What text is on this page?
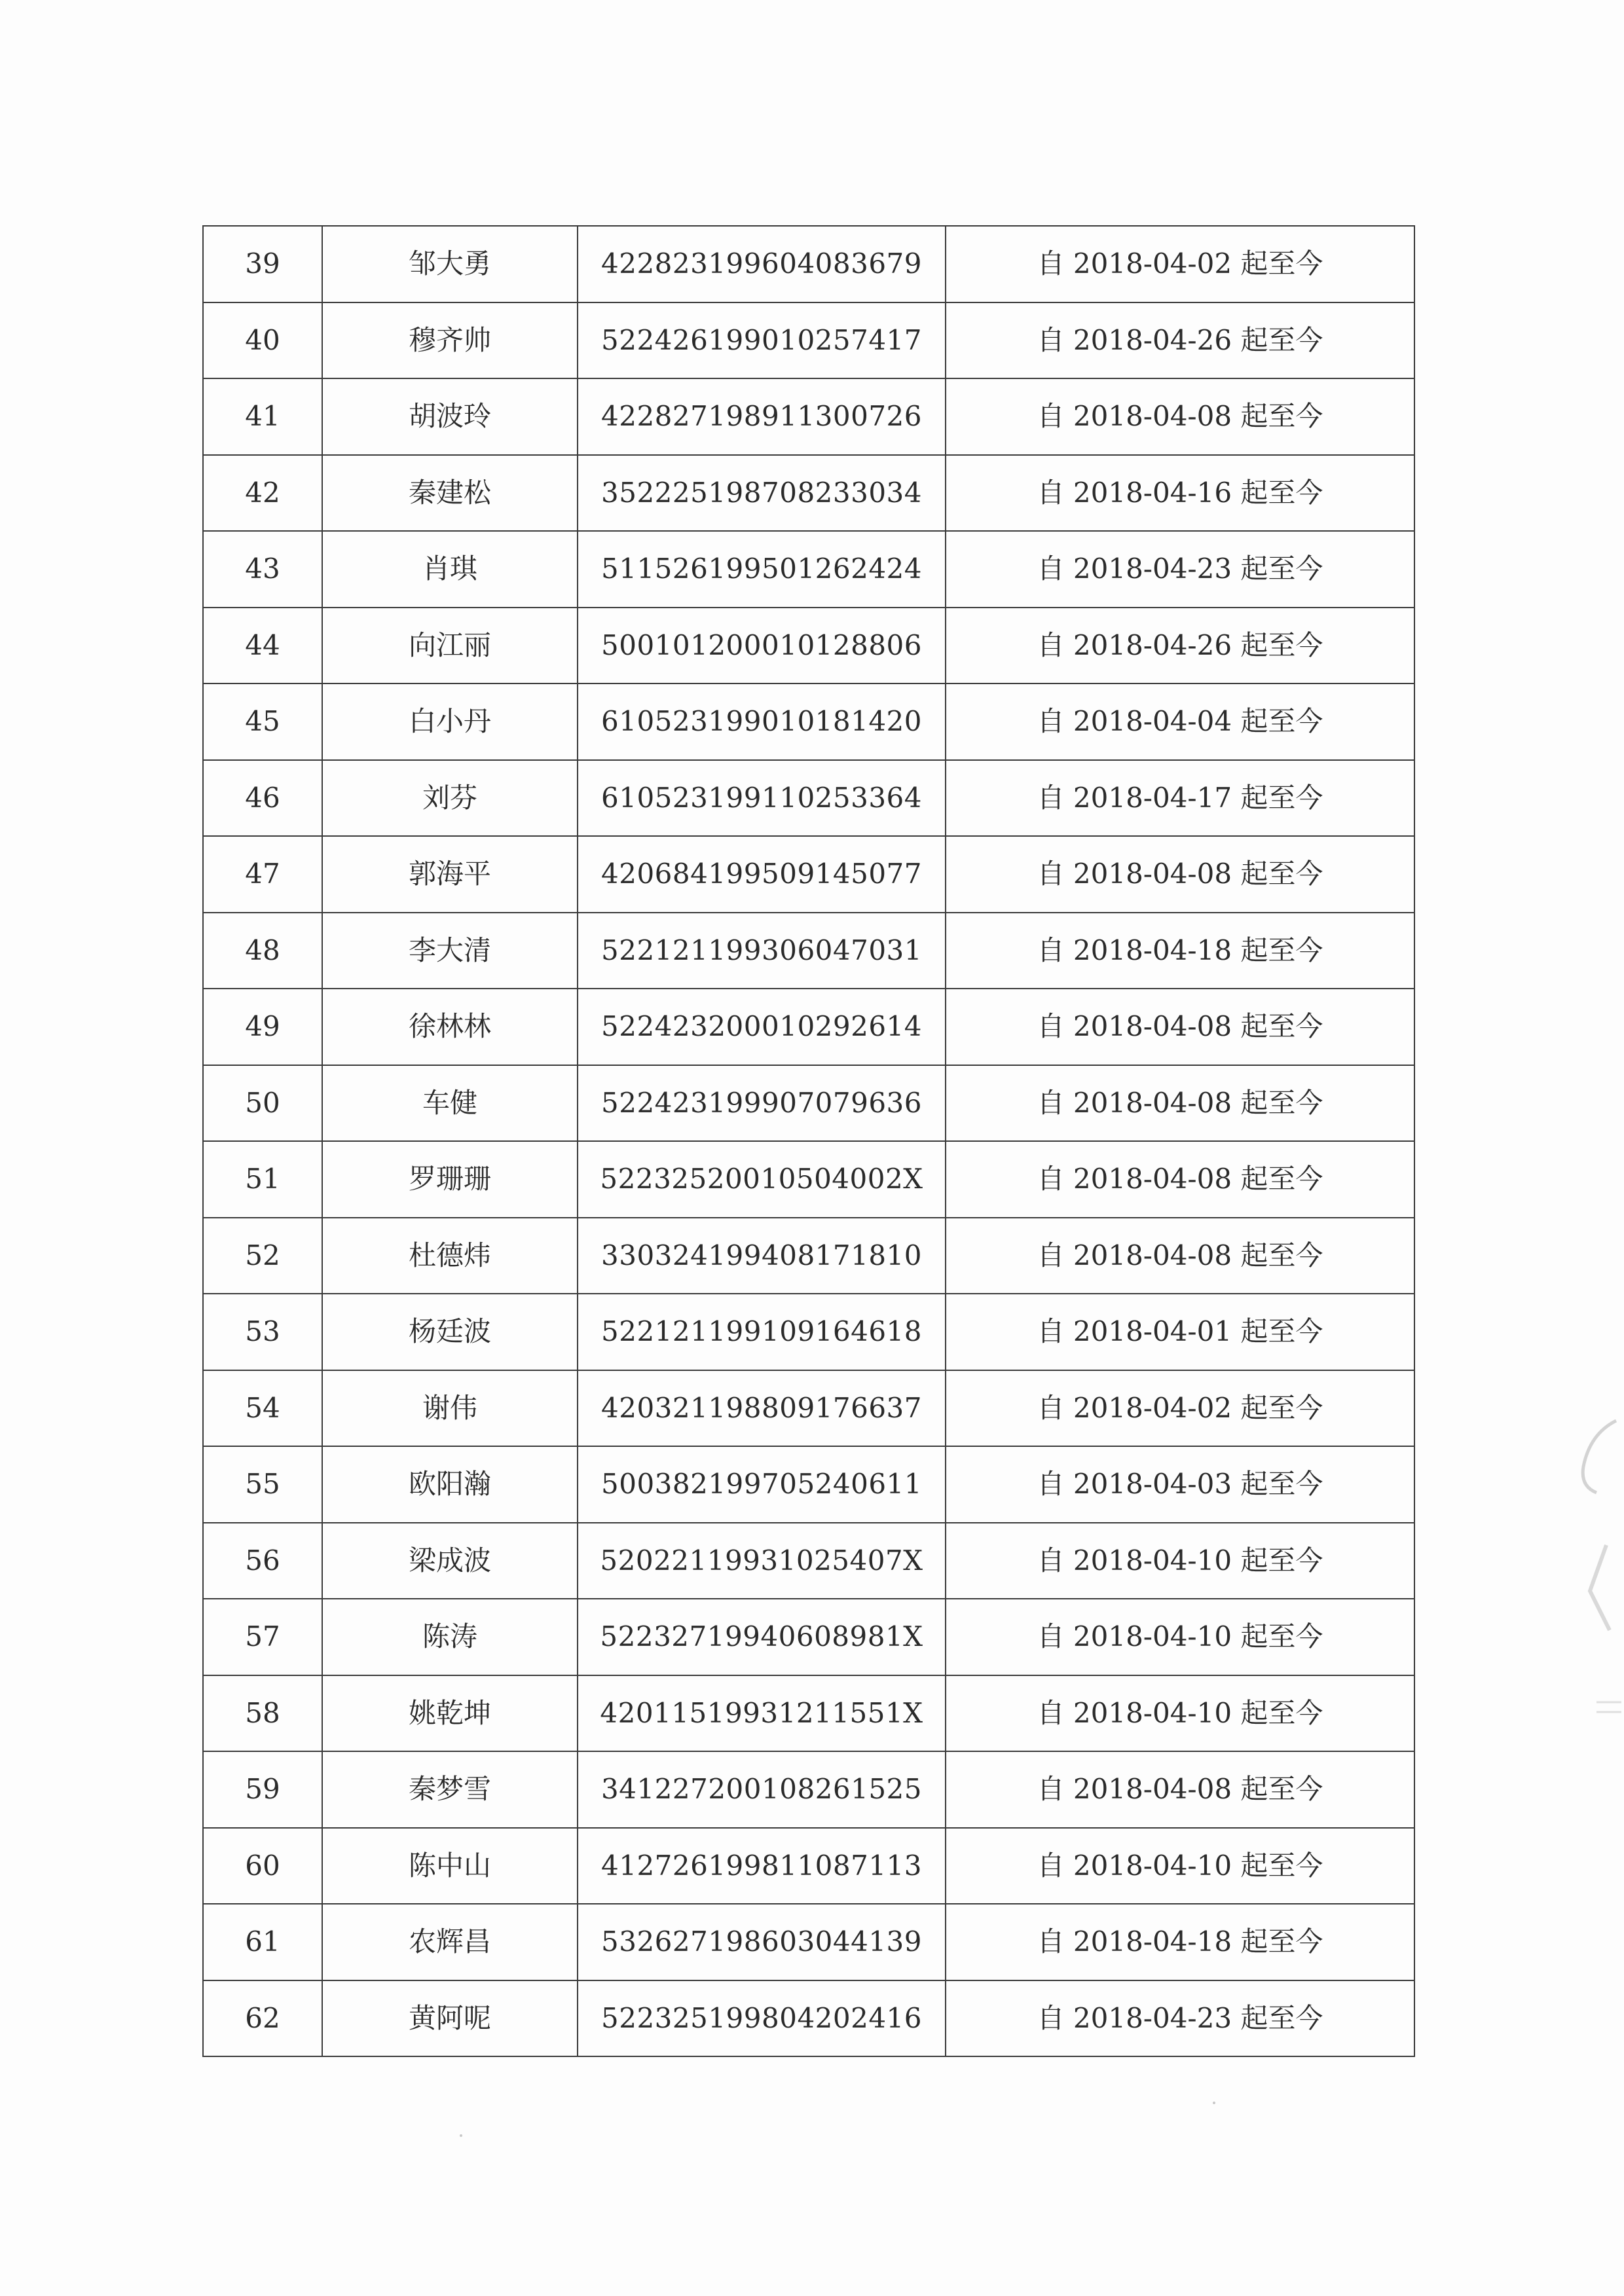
39	邹大勇	422823199604083679	自 2018-04-02 起至今
40	穆齐帅	522426199010257417	自 2018-04-26 起至今
41	胡波玲	422827198911300726	自 2018-04-08 起至今
42	秦建松	352225198708233034	自 2018-04-16 起至今
43	肖琪	511526199501262424	自 2018-04-23 起至今
44	向江丽	500101200010128806	自 2018-04-26 起至今
45	白小丹	610523199010181420	自 2018-04-04 起至今
46	刘芬	610523199110253364	自 2018-04-17 起至今
47	郭海平	420684199509145077	自 2018-04-08 起至今
48	李大清	522121199306047031	自 2018-04-18 起至今
49	徐林林	522423200010292614	自 2018-04-08 起至今
50	车健	522423199907079636	自 2018-04-08 起至今
51	罗珊珊	52232520010504002X	自 2018-04-08 起至今
52	杜德炜	330324199408171810	自 2018-04-08 起至今
53	杨廷波	522121199109164618	自 2018-04-01 起至今
54	谢伟	420321198809176637	自 2018-04-02 起至今
55	欧阳瀚	500382199705240611	自 2018-04-03 起至今
56	梁成波	52022119931025407X	自 2018-04-10 起至今
57	陈涛	52232719940608981X	自 2018-04-10 起至今
58	姚乾坤	42011519931211551X	自 2018-04-10 起至今
59	秦梦雪	341227200108261525	自 2018-04-08 起至今
60	陈中山	412726199811087113	自 2018-04-10 起至今
61	农辉昌	532627198603044139	自 2018-04-18 起至今
62	黄阿呢	522325199804202416	自 2018-04-23 起至今
